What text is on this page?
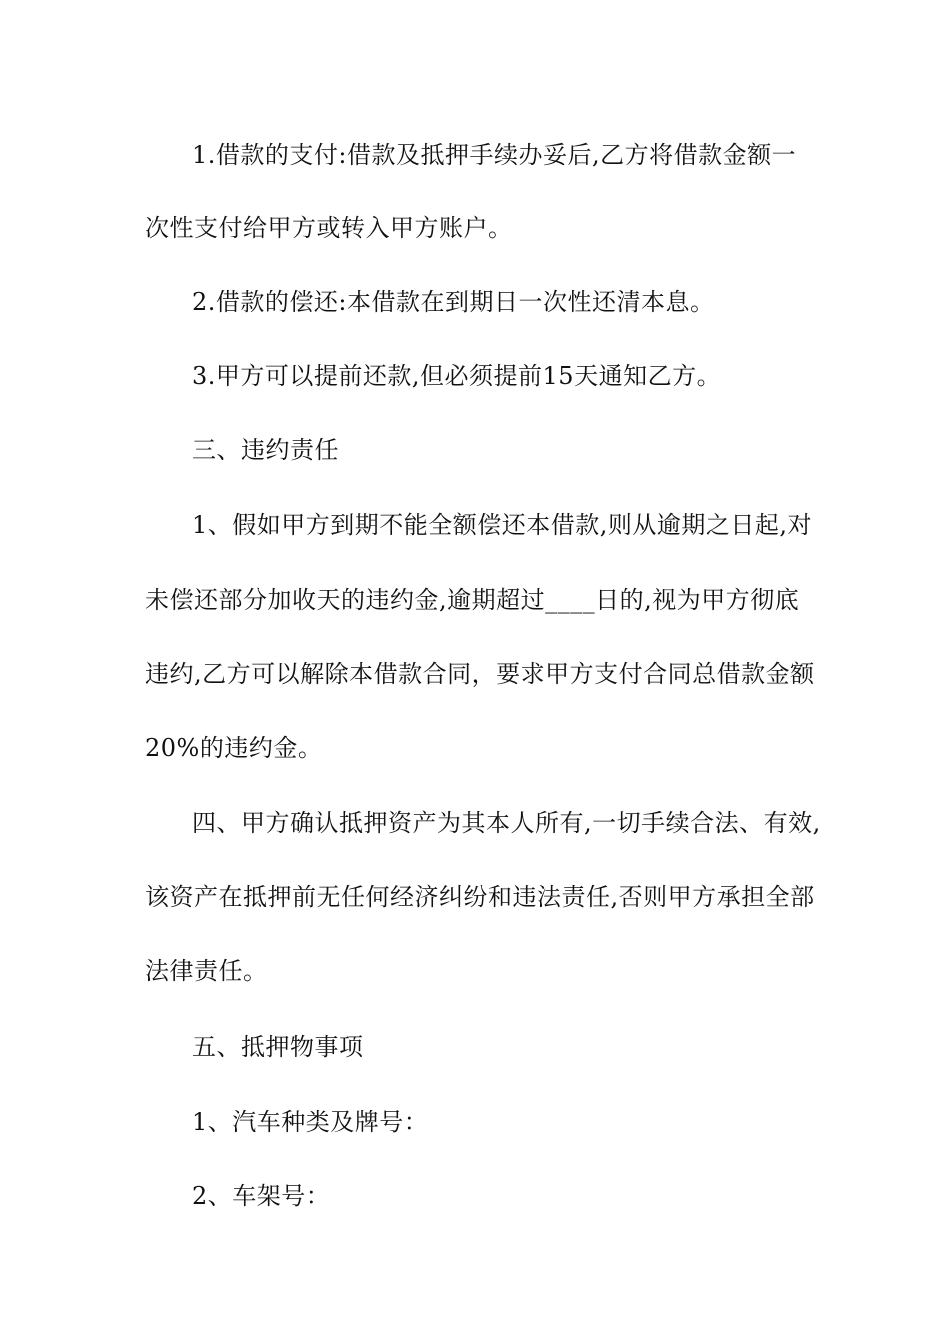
1.借款的支付:借款及抵押手续办妥后,乙方将借款金额一
次性支付给甲方或转入甲方账户。
2.借款的偿还:本借款在到期日一次性还清本息。
3.甲方可以提前还款,但必须提前15天通知乙方。
三、违约责任
1、假如甲方到期不能全额偿还本借款,则从逾期之日起,对
未偿还部分加收天的违约金,逾期超过____日的,视为甲方彻底
违约,乙方可以解除本借款合同，要求甲方支付合同总借款金额
20%的违约金。
四、甲方确认抵押资产为其本人所有,一切手续合法、有效,
该资产在抵押前无任何经济纠纷和违法责任,否则甲方承担全部
法律责任。
五、抵押物事项
1、汽车种类及牌号：
2、车架号：
